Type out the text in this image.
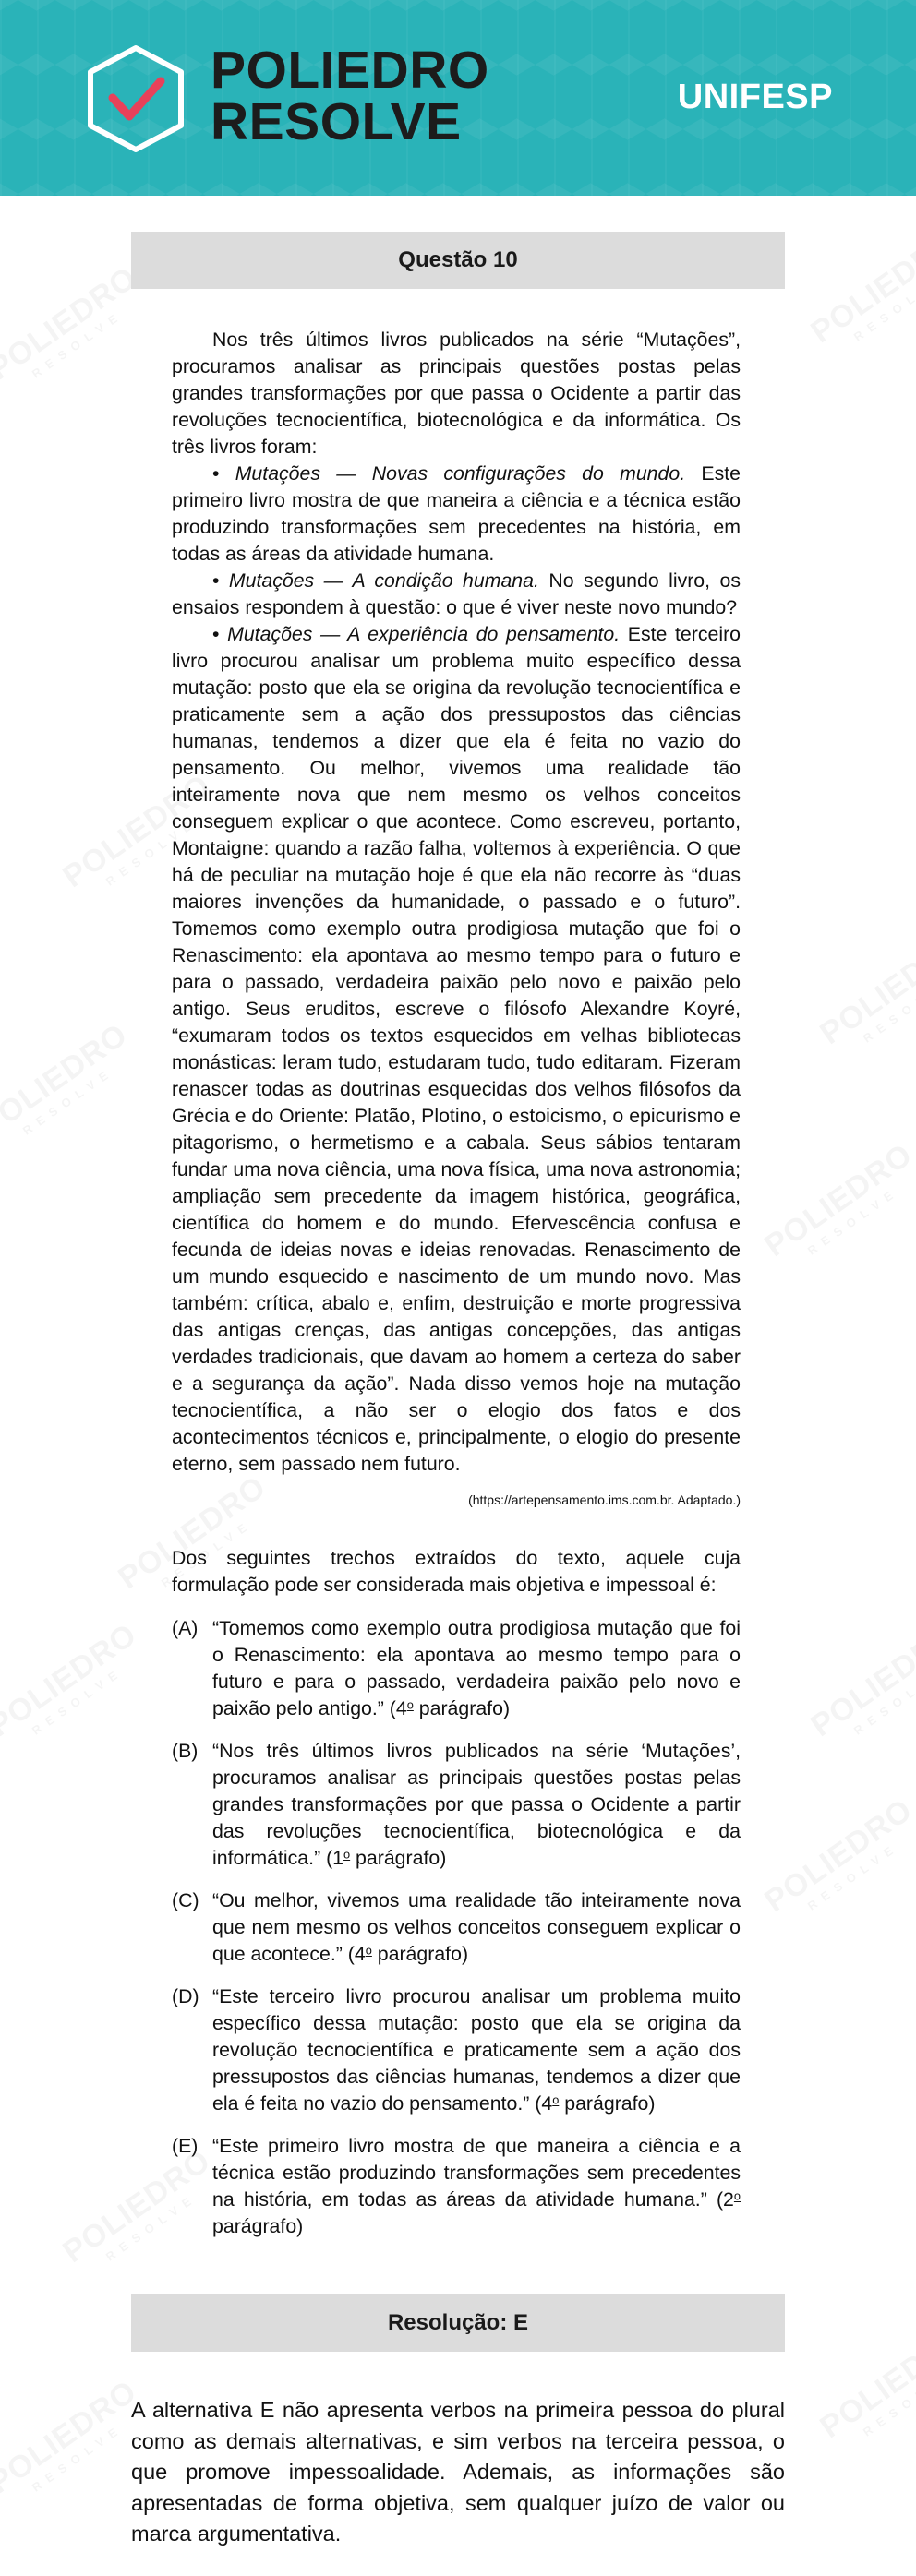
POLIEDRO
RESOLVE	UNIFESP
Questão 10

Nos três últimos livros publicados na série “Mutações”, procuramos analisar as principais questões postas pelas grandes transformações por que passa o Ocidente a partir das revoluções tecnocientífica, biotecnológica e da informática. Os três livros foram:

• Mutações — Novas configurações do mundo. Este primeiro livro mostra de que maneira a ciência e a técnica estão produzindo transformações sem precedentes na história, em todas as áreas da atividade humana.

• Mutações — A condição humana. No segundo livro, os ensaios respondem à questão: o que é viver neste novo mundo?

• Mutações — A experiência do pensamento. Este terceiro livro procurou analisar um problema muito específico dessa mutação: posto que ela se origina da revolução tecnocientífica e praticamente sem a ação dos pressupostos das ciências humanas, tendemos a dizer que ela é feita no vazio do pensamento. Ou melhor, vivemos uma realidade tão inteiramente nova que nem mesmo os velhos conceitos conseguem explicar o que acontece. Como escreveu, portanto, Montaigne: quando a razão falha, voltemos à experiência. O que há de peculiar na mutação hoje é que ela não recorre às “duas maiores invenções da humanidade, o passado e o futuro”. Tomemos como exemplo outra prodigiosa mutação que foi o Renascimento: ela apontava ao mesmo tempo para o futuro e para o passado, verdadeira paixão pelo novo e paixão pelo antigo. Seus eruditos, escreve o filósofo Alexandre Koyré, “exumaram todos os textos esquecidos em velhas bibliotecas monásticas: leram tudo, estudaram tudo, tudo editaram. Fizeram renascer todas as doutrinas esquecidas dos velhos filósofos da Grécia e do Oriente: Platão, Plotino, o estoicismo, o epicurismo e pitagorismo, o hermetismo e a cabala. Seus sábios tentaram fundar uma nova ciência, uma nova física, uma nova astronomia; ampliação sem precedente da imagem histórica, geográfica, científica do homem e do mundo. Efervescência confusa e fecunda de ideias novas e ideias renovadas. Renascimento de um mundo esquecido e nascimento de um mundo novo. Mas também: crítica, abalo e, enfim, destruição e morte progressiva das antigas crenças, das antigas concepções, das antigas verdades tradicionais, que davam ao homem a certeza do saber e a segurança da ação”. Nada disso vemos hoje na mutação tecnocientífica, a não ser o elogio dos fatos e dos acontecimentos técnicos e, principalmente, o elogio do presente eterno, sem passado nem futuro.

(https://artepensamento.ims.com.br. Adaptado.)

Dos seguintes trechos extraídos do texto, aquele cuja formulação pode ser considerada mais objetiva e impessoal é:

(A) “Tomemos como exemplo outra prodigiosa mutação que foi o Renascimento: ela apontava ao mesmo tempo para o futuro e para o passado, verdadeira paixão pelo novo e paixão pelo antigo.” (4$^o$ parágrafo)
(B) “Nos três últimos livros publicados na série ‘Mutações’, procuramos analisar as principais questões postas pelas grandes transformações por que passa o Ocidente a partir das revoluções tecnocientífica, biotecnológica e da informática.” (1$^o$ parágrafo)
(C) “Ou melhor, vivemos uma realidade tão inteiramente nova que nem mesmo os velhos conceitos conseguem explicar o que acontece.” (4$^o$ parágrafo)
(D) “Este terceiro livro procurou analisar um problema muito específico dessa mutação: posto que ela se origina da revolução tecnocientífica e praticamente sem a ação dos pressupostos das ciências humanas, tendemos a dizer que ela é feita no vazio do pensamento.” (4$^o$ parágrafo)
(E) “Este primeiro livro mostra de que maneira a ciência e a técnica estão produzindo transformações sem precedentes na história, em todas as áreas da atividade humana.” (2$^o$ parágrafo)
Resolução: E

A alternativa E não apresenta verbos na primeira pessoa do plural como as demais alternativas, e sim verbos na terceira pessoa, o que promove impessoalidade. Ademais, as informações são apresentadas de forma objetiva, sem qualquer juízo de valor ou marca argumentativa.
